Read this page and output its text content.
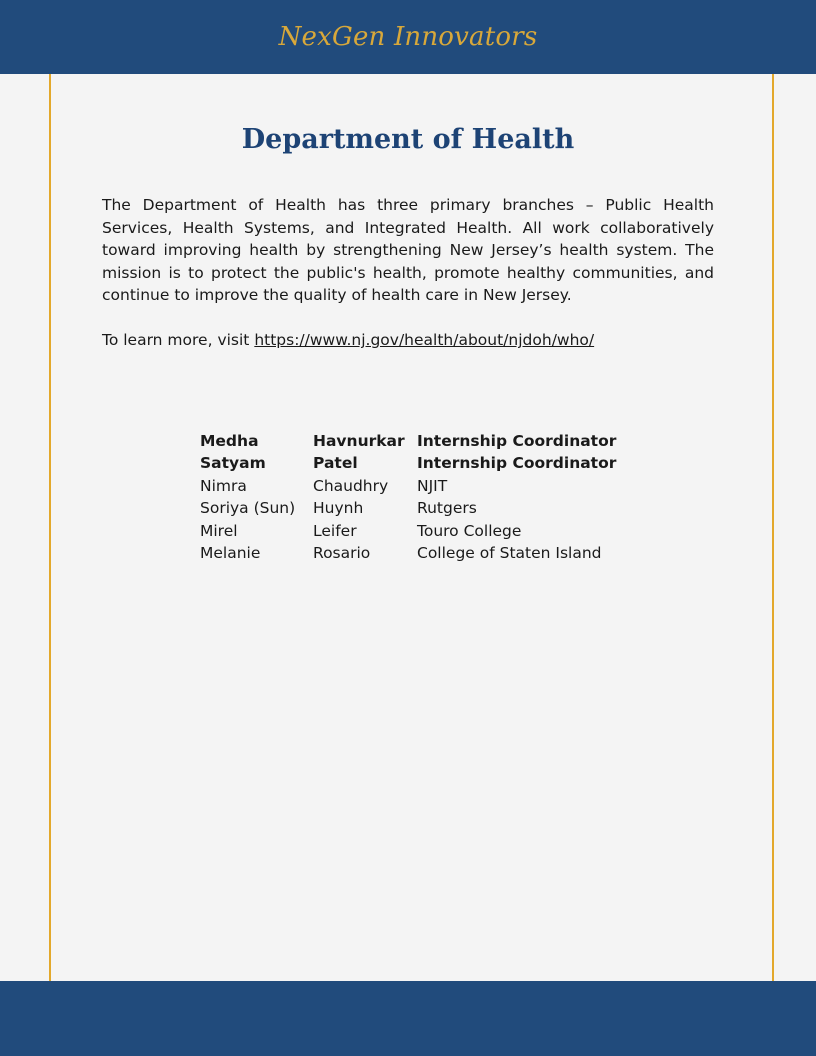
NexGen Innovators
Department of Health

The Department of Health has three primary branches – Public Health Services, Health Systems, and Integrated Health. All work collaboratively toward improving health by strengthening New Jersey’s health system. The mission is to protect the public's health, promote healthy communities, and continue to improve the quality of health care in New Jersey.

To learn more, visit https://www.nj.gov/health/about/njdoh/who/

Medha	Havnurkar	Internship Coordinator
Satyam	Patel	Internship Coordinator
Nimra	Chaudhry	NJIT
Soriya (Sun)	Huynh	Rutgers
Mirel	Leifer	Touro College
Melanie	Rosario	College of Staten Island
